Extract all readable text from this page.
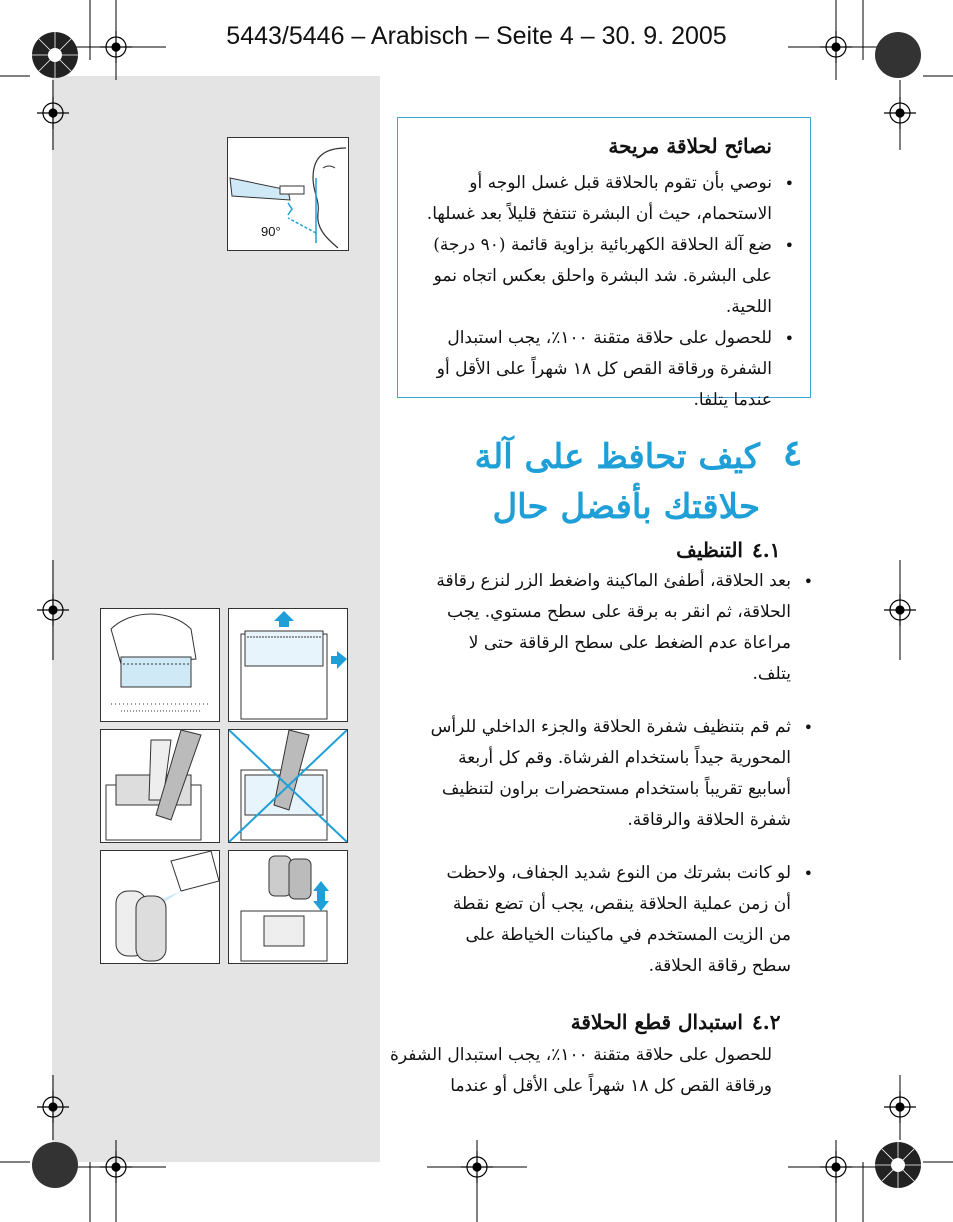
5443/5446 – Arabisch – Seite 4 – 30. 9. 2005
نصائح لحلاقة مريحة
•
نوصي بأن تقوم بالحلاقة قبل غسل الوجه أو الاستحمام، حيث أن البشرة تنتفخ قليلاً بعد غسلها.
•
ضع آلة الحلاقة الكهربائية بزاوية قائمة (٩٠ درجة) على البشرة. شد البشرة واحلق بعكس اتجاه نمو اللحية.
•
للحصول على حلاقة متقنة ١٠٠٪، يجب استبدال الشفرة ورقاقة القص كل ١٨ شهراً على الأقل أو عندما يتلفا.
90°
٤
كيف تحافظ على آلة حلاقتك بأفضل حال
٤.١
التنظيف
•
بعد الحلاقة، أطفئ الماكينة واضغط الزر لنزع رقاقة الحلاقة، ثم انقر به برقة على سطح مستوي. يجب مراعاة عدم الضغط على سطح الرقاقة حتى لا يتلف.
•
ثم قم بتنظيف شفرة الحلاقة والجزء الداخلي للرأس المحورية جيداً باستخدام الفرشاة. وقم كل أربعة أسابيع تقريباً باستخدام مستحضرات براون لتنظيف شفرة الحلاقة والرقاقة.
•
لو كانت بشرتك من النوع شديد الجفاف، ولاحظت أن زمن عملية الحلاقة ينقص، يجب أن تضع نقطة من الزيت المستخدم في ماكينات الخياطة على سطح رقاقة الحلاقة.
٤.٢
استبدال قطع الحلاقة
للحصول على حلاقة متقنة ١٠٠٪، يجب استبدال الشفرة ورقاقة القص كل ١٨ شهراً على الأقل أو عندما
